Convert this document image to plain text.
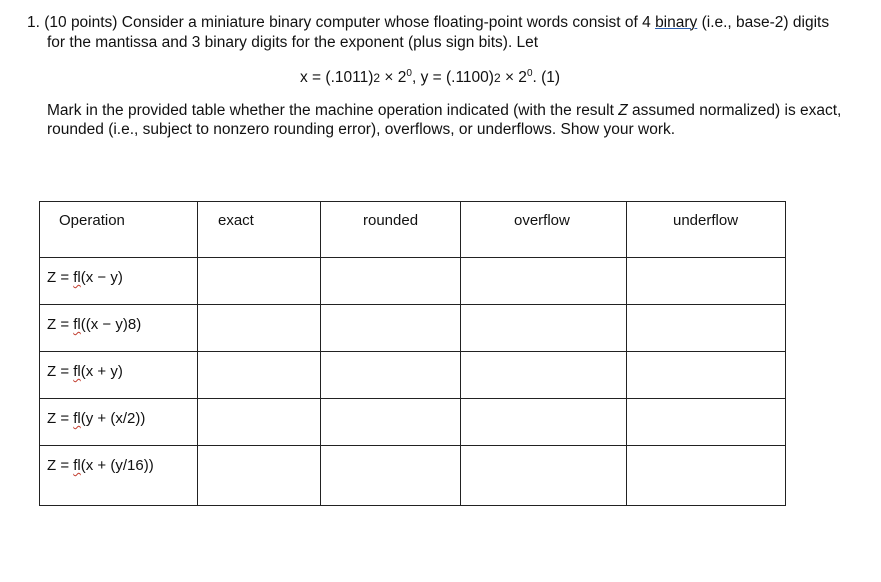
1. (10 points) Consider a miniature binary computer whose floating-point words consist of 4 binary (i.e., base-2) digits
for the mantissa and 3 binary digits for the exponent (plus sign bits). Let
$x = (.1011)2 \times 2^0$, $y = (.1100)2 \times 2^0$. (1)
Mark in the provided table whether the machine operation indicated (with the result Z assumed normalized) is exact,
rounded (i.e., subject to nonzero rounding error), overflows, or underflows. Show your work.
Operation	exact	rounded	overflow	underflow

Z = fl(x − y)				

Z = fl((x − y)8)				

Z = fl(x + y)				

Z = fl(y + (x/2))				

Z = fl(x + (y/16))				
